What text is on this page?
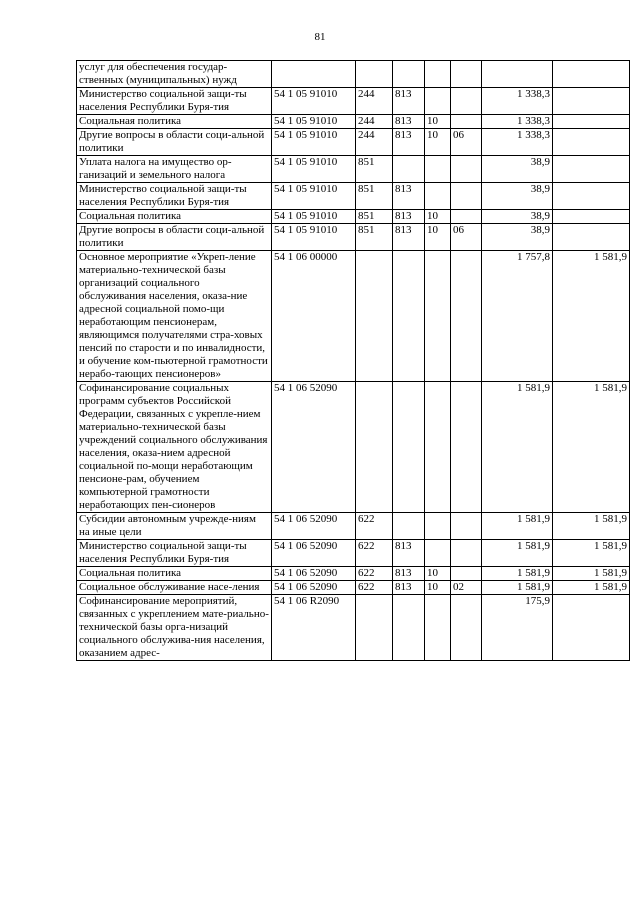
81
услуг для обеспечения государ-ственных (муниципальных) нужд							
Министерство социальной защи-ты населения Республики Буря-тия	54 1 05 91010	244	813			1 338,3	
Социальная политика	54 1 05 91010	244	813	10		1 338,3	
Другие вопросы в области соци-альной политики	54 1 05 91010	244	813	10	06	1 338,3	
Уплата налога на имущество ор-ганизаций и земельного налога	54 1 05 91010	851				38,9	
Министерство социальной защи-ты населения Республики Буря-тия	54 1 05 91010	851	813			38,9	
Социальная политика	54 1 05 91010	851	813	10		38,9	
Другие вопросы в области соци-альной политики	54 1 05 91010	851	813	10	06	38,9	
Основное мероприятие «Укреп-ление материально-технической базы организаций социального обслуживания населения, оказа-ние адресной социальной помо-щи неработающим пенсионерам, являющимся получателями стра-ховых пенсий по старости и по инвалидности, и обучение ком-пьютерной грамотности нерабо-тающих пенсионеров»	54 1 06 00000					1 757,8	1 581,9
Софинансирование социальных программ субъектов Российской Федерации, связанных с укрепле-нием материально-технической базы учреждений социального обслуживания населения, оказа-нием адресной социальной по-мощи неработающим пенсионе-рам, обучением компьютерной грамотности неработающих пен-сионеров	54 1 06 52090					1 581,9	1 581,9
Субсидии автономным учрежде-ниям на иные цели	54 1 06 52090	622				1 581,9	1 581,9
Министерство социальной защи-ты населения Республики Буря-тия	54 1 06 52090	622	813			1 581,9	1 581,9
Социальная политика	54 1 06 52090	622	813	10		1 581,9	1 581,9
Социальное обслуживание насе-ления	54 1 06 52090	622	813	10	02	1 581,9	1 581,9
Софинансирование мероприятий, связанных с укреплением мате-риально-технической базы орга-низаций социального обслужива-ния населения, оказанием адрес-	54 1 06 R2090					175,9	
